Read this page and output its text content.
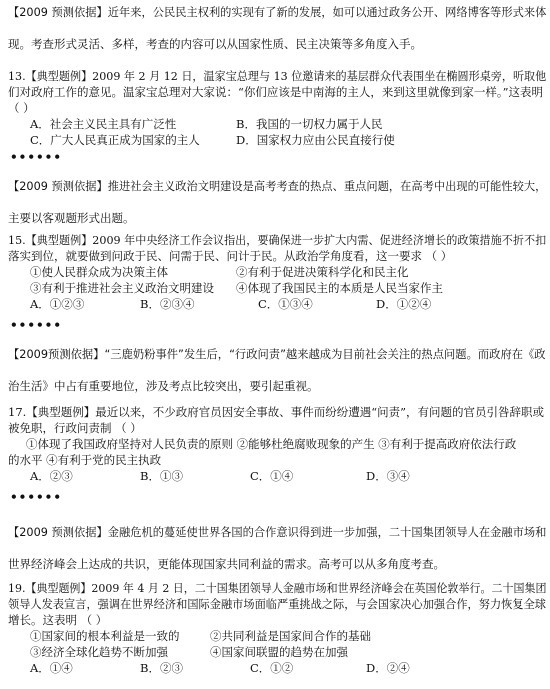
【2009 预测依据】近年来，公民民主权利的实现有了新的发展，如可以通过政务公开、网络博客等形式来体
现。考查形式灵活、多样，考查的内容可以从国家性质、民主决策等多角度入手。
13.【典型题例】2009 年 2 月 12 日，温家宝总理与 13 位邀请来的基层群众代表围坐在椭圆形桌旁，听取他
们对政府工作的意见。温家宝总理对大家说：“你们应该是中南海的主人，来到这里就像到家一样。”这表明
（ ）
A．社会主义民主具有广泛性	B．我国的一切权力属于人民
C．广大人民真正成为国家的主人	D．国家权力应由公民直接行使
••••••
【2009 预测依据】推进社会主义政治文明建设是高考考查的热点、重点问题，在高考中出现的可能性较大，
主要以客观题形式出题。
15.【典型题例】2009 年中央经济工作会议指出，要确保进一步扩大内需、促进经济增长的政策措施不折不扣
落实到位，就要做到问政于民、问需于民、问计于民。从政治学角度看，这一要求 （ ）
①使人民群众成为决策主体	②有利于促进决策科学化和民主化
③有利于推进社会主义政治文明建设 ④体现了我国民主的本质是人民当家作主
A．①②③	B．②③④	C．①③④	D．①②④
••••••
【2009预测依据】“三鹿奶粉事件”发生后，“行政问责”越来越成为目前社会关注的热点问题。而政府在《政
治生活》中占有重要地位，涉及考点比较突出，要引起重视。
17.【典型题例】最近以来，不少政府官员因安全事故、事件而纷纷遭遇“问责”，有问题的官员引咎辞职或
被免职，行政问责制 （ ）
①体现了我国政府坚持对人民负责的原则 ②能够杜绝腐败现象的产生 ③有利于提高政府依法行政
的水平 ④有利于党的民主执政
A．②③	B．①③	C．①④	D．③④
••••••
【2009 预测依据】金融危机的蔓延使世界各国的合作意识得到进一步加强，二十国集团领导人在金融市场和
世界经济峰会上达成的共识，更能体现国家共同利益的需求。高考可以从多角度考查。
19.【典型题例】2009 年 4 月 2 日，二十国集团领导人金融市场和世界经济峰会在英国伦敦举行。二十国集团
领导人发表宣言，强调在世界经济和国际金融市场面临严重挑战之际，与会国家决心加强合作，努力恢复全球
增长。这表明 （ ）
①国家间的根本利益是一致的	②共同利益是国家间合作的基础
③经济全球化趋势不断加强	④国家间联盟的趋势在加强
A．①④	B．②③	C．①②	D．②④
